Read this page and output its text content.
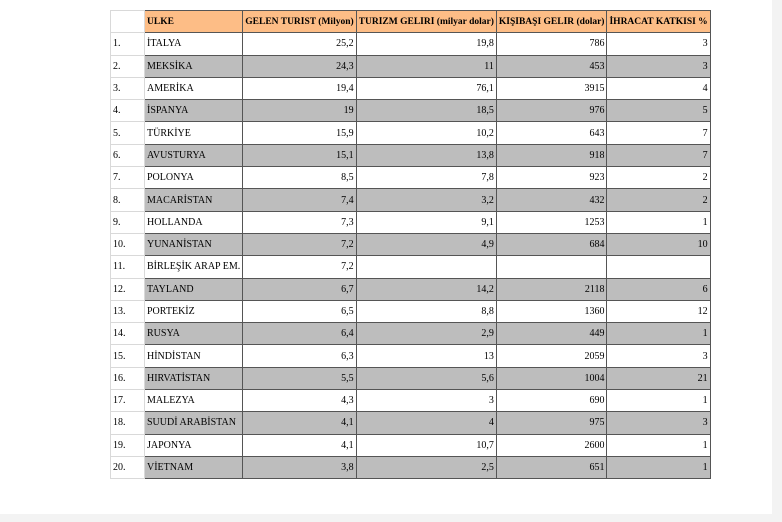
	ÜLKE	GELEN TURİST (Milyon)	TURİZM GELİRİ (milyar dolar)	KİŞİBAŞI GELİR (dolar)	İHRACAT KATKISI %
1.	İTALYA	25,2	19,8	786	3
2.	MEKSİKA	24,3	11	453	3
3.	AMERİKA	19,4	76,1	3915	4
4.	İSPANYA	19	18,5	976	5
5.	TÜRKİYE	15,9	10,2	643	7
6.	AVUSTURYA	15,1	13,8	918	7
7.	POLONYA	8,5	7,8	923	2
8.	MACARİSTAN	7,4	3,2	432	2
9.	HOLLANDA	7,3	9,1	1253	1
10.	YUNANİSTAN	7,2	4,9	684	10
11.	BİRLEŞİK ARAP EM.	7,2			
12.	TAYLAND	6,7	14,2	2118	6
13.	PORTEKİZ	6,5	8,8	1360	12
14.	RUSYA	6,4	2,9	449	1
15.	HİNDİSTAN	6,3	13	2059	3
16.	HIRVATİSTAN	5,5	5,6	1004	21
17.	MALEZYA	4,3	3	690	1
18.	SUUDİ ARABİSTAN	4,1	4	975	3
19.	JAPONYA	4,1	10,7	2600	1
20.	VİETNAM	3,8	2,5	651	1
